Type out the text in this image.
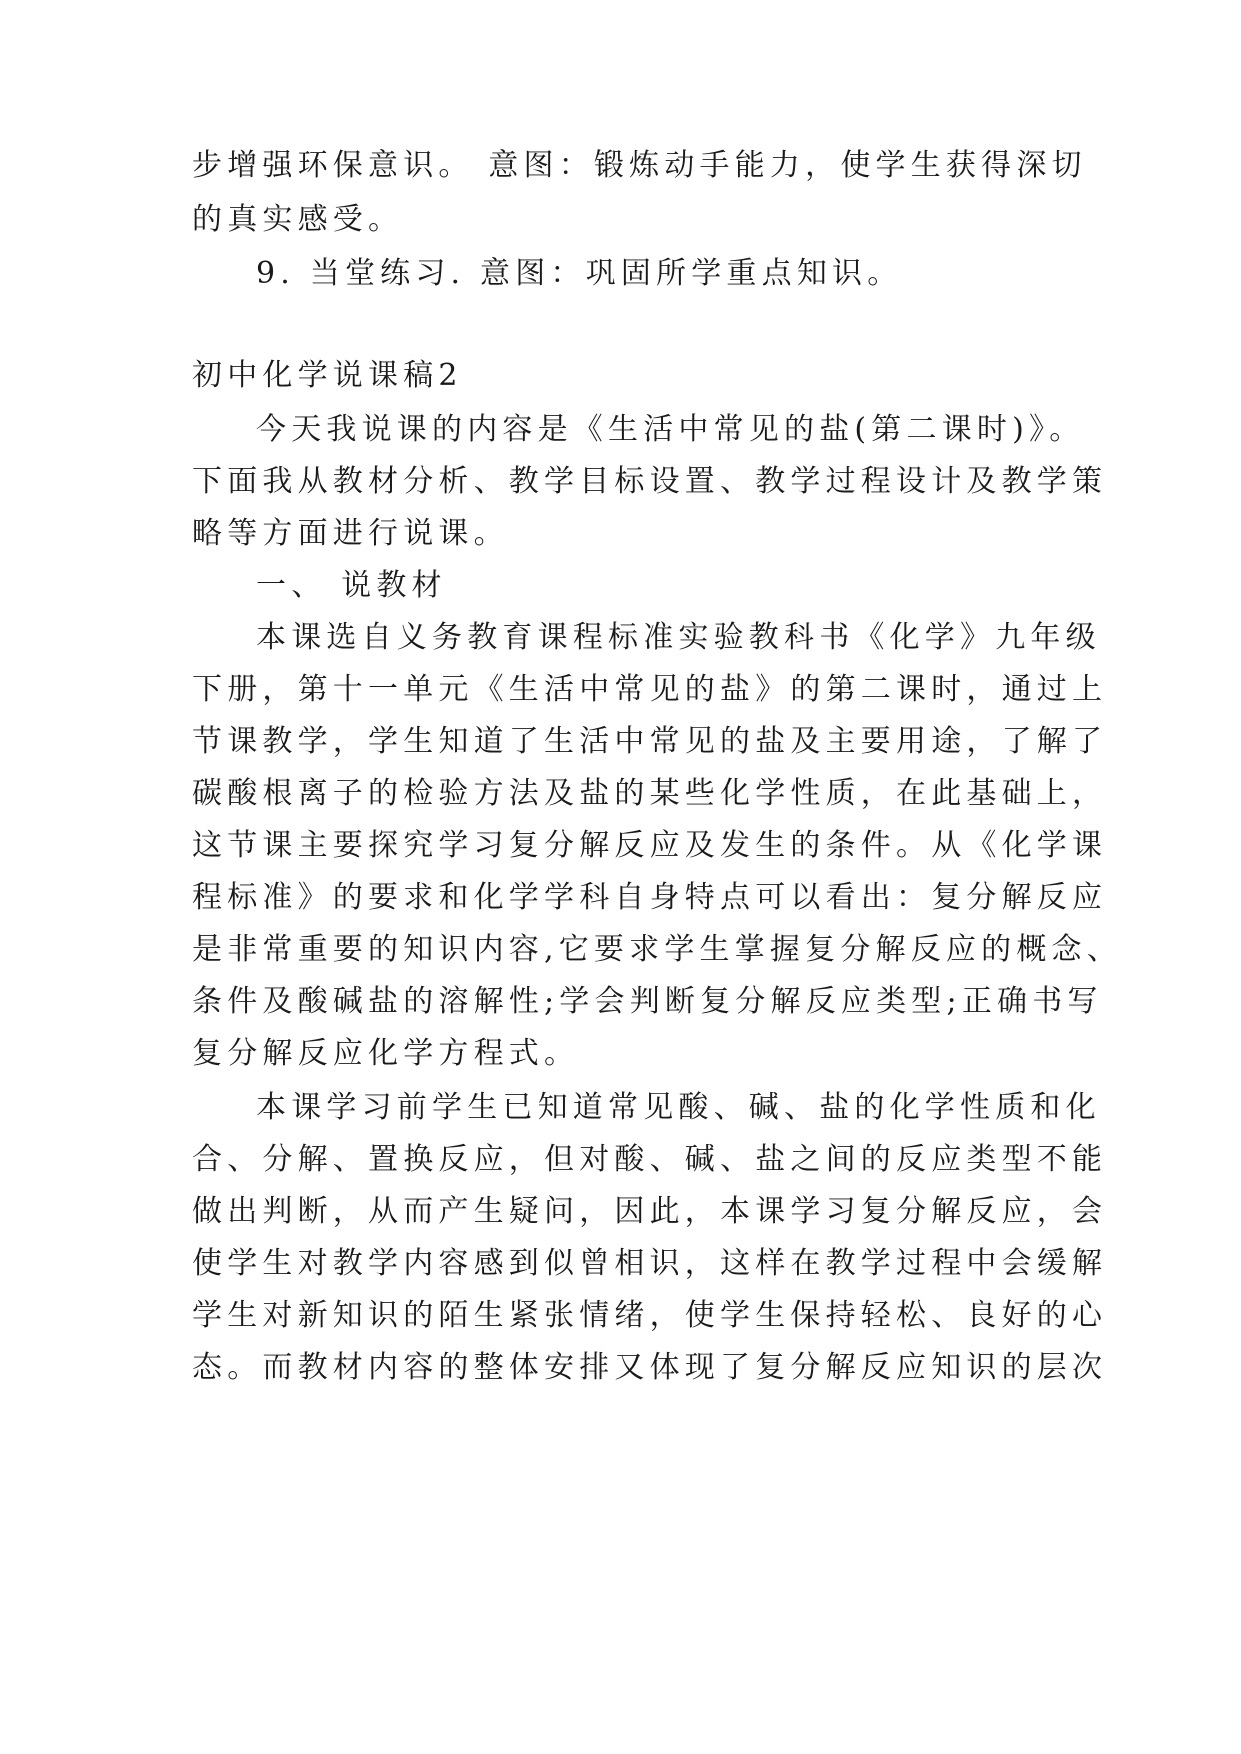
步增强环保意识。 意图：锻炼动手能力，使学生获得深切
的真实感受。
9. 当堂练习. 意图：巩固所学重点知识。
初中化学说课稿2
今天我说课的内容是《生活中常见的盐(第二课时)》。
下面我从教材分析、教学目标设置、教学过程设计及教学策
略等方面进行说课。
一、 说教材
本课选自义务教育课程标准实验教科书《化学》九年级
下册，第十一单元《生活中常见的盐》的第二课时，通过上
节课教学，学生知道了生活中常见的盐及主要用途，了解了
碳酸根离子的检验方法及盐的某些化学性质，在此基础上，
这节课主要探究学习复分解反应及发生的条件。从《化学课
程标准》的要求和化学学科自身特点可以看出：复分解反应
是非常重要的知识内容,它要求学生掌握复分解反应的概念、
条件及酸碱盐的溶解性;学会判断复分解反应类型;正确书写
复分解反应化学方程式。
本课学习前学生已知道常见酸、碱、盐的化学性质和化
合、分解、置换反应，但对酸、碱、盐之间的反应类型不能
做出判断，从而产生疑问，因此，本课学习复分解反应，会
使学生对教学内容感到似曾相识，这样在教学过程中会缓解
学生对新知识的陌生紧张情绪，使学生保持轻松、良好的心
态。而教材内容的整体安排又体现了复分解反应知识的层次
